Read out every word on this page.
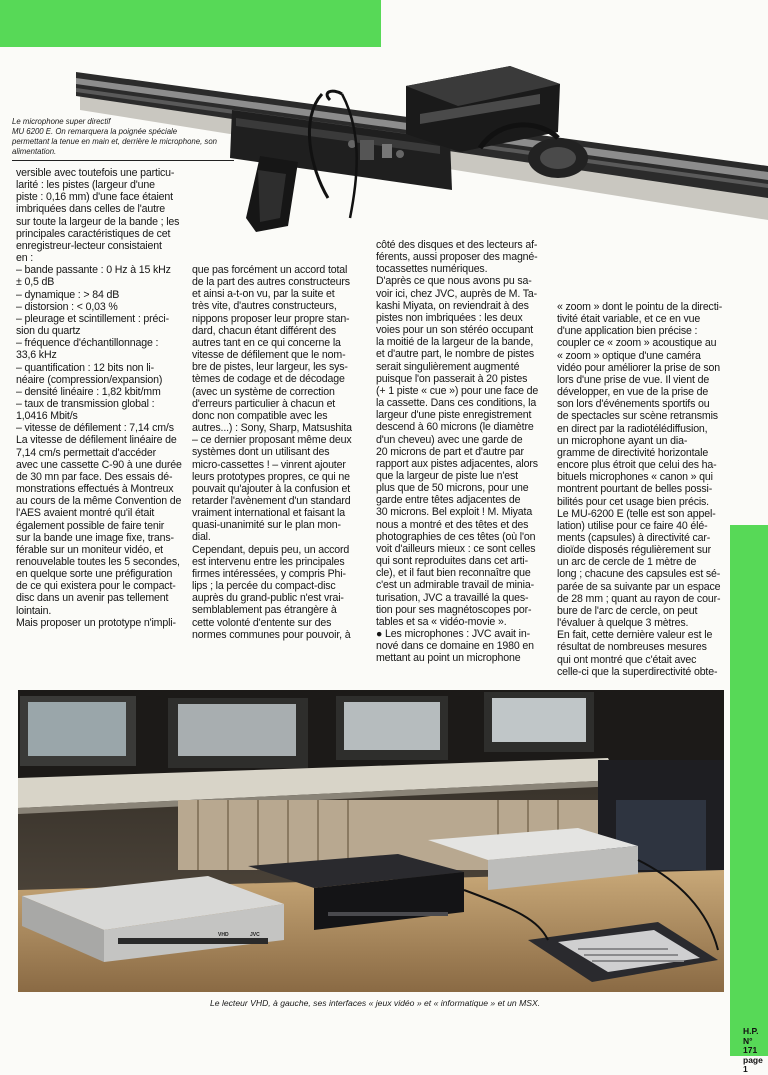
Le microphone super directif
MU 6200 E. On remarquera la poignée spéciale
permettant la tenue en main et, derrière le microphone, son
alimentation.
versible avec toutefois une particu-
larité : les pistes (largeur d'une
piste : 0,16 mm) d'une face étaient
imbriquées dans celles de l'autre
sur toute la largeur de la bande ; les
principales caractéristiques de cet
enregistreur-lecteur consistaient
en :
– bande passante : 0 Hz à 15 kHz
± 0,5 dB
– dynamique : > 84 dB
– distorsion : < 0,03 %
– pleurage et scintillement : préci-
sion du quartz
– fréquence d'échantillonnage :
33,6 kHz
– quantification : 12 bits non li-
néaire (compression/expansion)
– densité linéaire : 1,82 kbit/mm
– taux de transmission global :
1,0416 Mbit/s
– vitesse de défilement : 7,14 cm/s
La vitesse de défilement linéaire de
7,14 cm/s permettait d'accéder
avec une cassette C-90 à une durée
de 30 mn par face. Des essais dé-
monstrations effectués à Montreux
au cours de la même Convention de
l'AES avaient montré qu'il était
également possible de faire tenir
sur la bande une image fixe, trans-
férable sur un moniteur vidéo, et
renouvelable toutes les 5 secondes,
en quelque sorte une préfiguration
de ce qui existera pour le compact-
disc dans un avenir pas tellement
lointain.
Mais proposer un prototype n'impli-
que pas forcément un accord total
de la part des autres constructeurs
et ainsi a-t-on vu, par la suite et
très vite, d'autres constructeurs,
nippons proposer leur propre stan-
dard, chacun étant différent des
autres tant en ce qui concerne la
vitesse de défilement que le nom-
bre de pistes, leur largeur, les sys-
tèmes de codage et de décodage
(avec un système de correction
d'erreurs particulier à chacun et
donc non compatible avec les
autres...) : Sony, Sharp, Matsushita
– ce dernier proposant même deux
systèmes dont un utilisant des
micro-cassettes ! – vinrent ajouter
leurs prototypes propres, ce qui ne
pouvait qu'ajouter à la confusion et
retarder l'avènement d'un standard
vraiment international et faisant la
quasi-unanimité sur le plan mon-
dial.
Cependant, depuis peu, un accord
est intervenu entre les principales
firmes intéressées, y compris Phi-
lips ; la percée du compact-disc
auprès du grand-public n'est vrai-
semblablement pas étrangère à
cette volonté d'entente sur des
normes communes pour pouvoir, à
côté des disques et des lecteurs af-
férents, aussi proposer des magné-
tocassettes numériques.
D'après ce que nous avons pu sa-
voir ici, chez JVC, auprès de M. Ta-
kashi Miyata, on reviendrait à des
pistes non imbriquées : les deux
voies pour un son stéréo occupant
la moitié de la largeur de la bande,
et d'autre part, le nombre de pistes
serait singulièrement augmenté
puisque l'on passerait à 20 pistes
(+ 1 piste « cue ») pour une face de
la cassette. Dans ces conditions, la
largeur d'une piste enregistrement
descend à 60 microns (le diamètre
d'un cheveu) avec une garde de
20 microns de part et d'autre par
rapport aux pistes adjacentes, alors
que la largeur de piste lue n'est
plus que de 50 microns, pour une
garde entre têtes adjacentes de
30 microns. Bel exploit ! M. Miyata
nous a montré et des têtes et des
photographies de ces têtes (où l'on
voit d'ailleurs mieux : ce sont celles
qui sont reproduites dans cet arti-
cle), et il faut bien reconnaître que
c'est un admirable travail de minia-
turisation, JVC a travaillé la ques-
tion pour ses magnétoscopes por-
tables et sa « vidéo-movie ».
● Les microphones : JVC avait in-
nové dans ce domaine en 1980 en
mettant au point un microphone
« zoom » dont le pointu de la directi-
tivité était variable, et ce en vue
d'une application bien précise :
coupler ce « zoom » acoustique au
« zoom » optique d'une caméra
vidéo pour améliorer la prise de son
lors d'une prise de vue. Il vient de
développer, en vue de la prise de
son lors d'événements sportifs ou
de spectacles sur scène retransmis
en direct par la radiotélédiffusion,
un microphone ayant un dia-
gramme de directivité horizontale
encore plus étroit que celui des ha-
bituels microphones « canon » qui
montrent pourtant de belles possi-
bilités pour cet usage bien précis.
Le MU-6200 E (telle est son appel-
lation) utilise pour ce faire 40 élé-
ments (capsules) à directivité car-
dioïde disposés régulièrement sur
un arc de cercle de 1 mètre de
long ; chacune des capsules est sé-
parée de sa suivante par un espace
de 28 mm ; quant au rayon de cour-
bure de l'arc de cercle, on peut
l'évaluer à quelque 3 mètres.
En fait, cette dernière valeur est le
résultat de nombreuses mesures
qui ont montré que c'était avec
celle-ci que la superdirectivité obte-
VHD	JVC
Le lecteur VHD, à gauche, ses interfaces « jeux vidéo » et « informatique » et un MSX.
H.P.
N° 171
page 1
